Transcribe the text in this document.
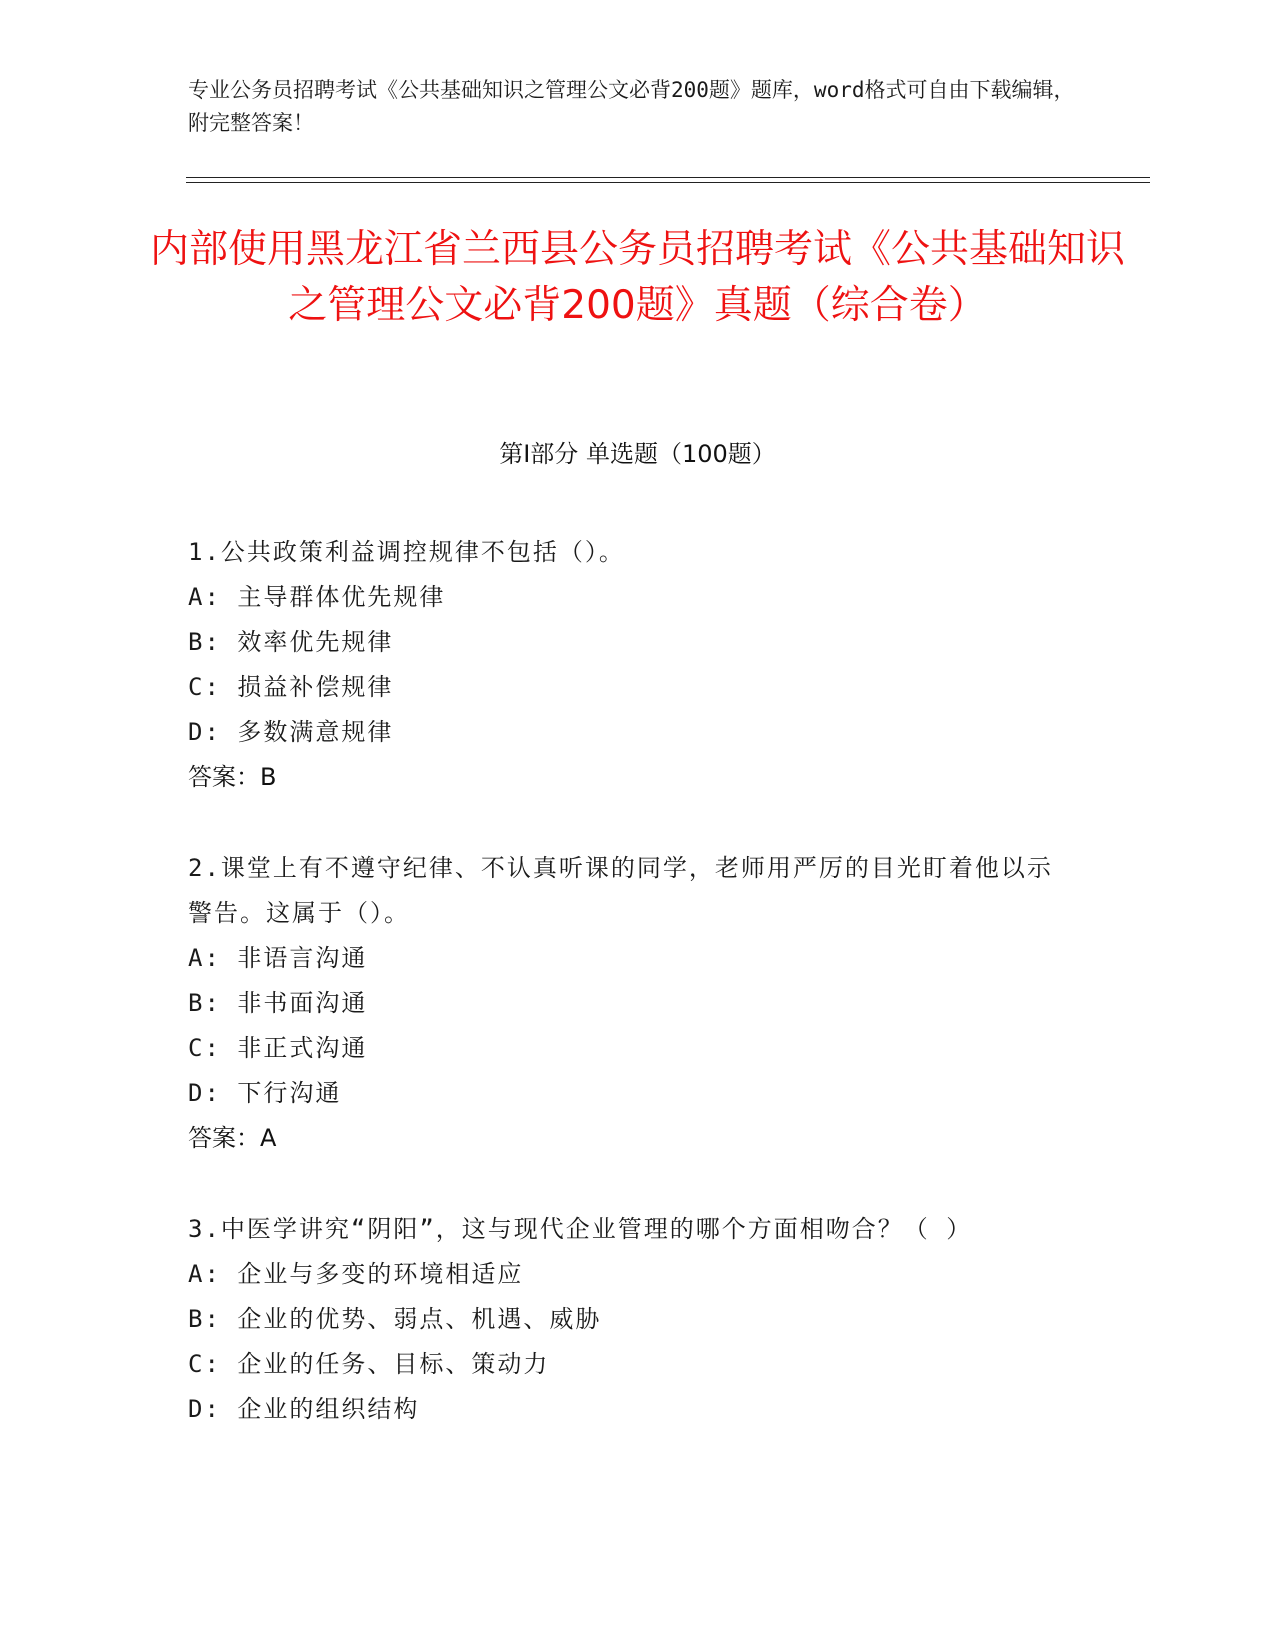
专业公务员招聘考试《公共基础知识之管理公文必背200题》题库，word格式可自由下载编辑，附完整答案！
内部使用黑龙江省兰西县公务员招聘考试《公共基础知识之管理公文必背200题》真题（综合卷）
第Ⅰ部分 单选题（100题）

1.公共政策利益调控规律不包括（）。

A: 主导群体优先规律

B: 效率优先规律

C: 损益补偿规律

D: 多数满意规律

答案：B

2.课堂上有不遵守纪律、不认真听课的同学，老师用严厉的目光盯着他以示警告。这属于（）。

A: 非语言沟通

B: 非书面沟通

C: 非正式沟通

D: 下行沟通

答案：A

3.中医学讲究“阴阳”，这与现代企业管理的哪个方面相吻合？（ ）

A: 企业与多变的环境相适应

B: 企业的优势、弱点、机遇、威胁

C: 企业的任务、目标、策动力

D: 企业的组织结构
